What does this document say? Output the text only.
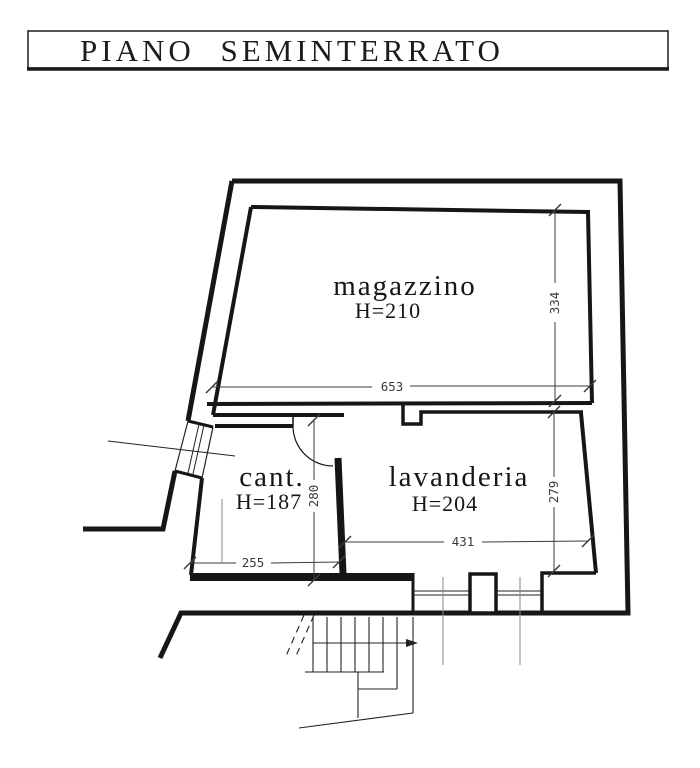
PIANO SEMINTERRATO
magazzino
H=210
cant.
H=187
lavanderia
H=204
653
334
431
279
280
255
